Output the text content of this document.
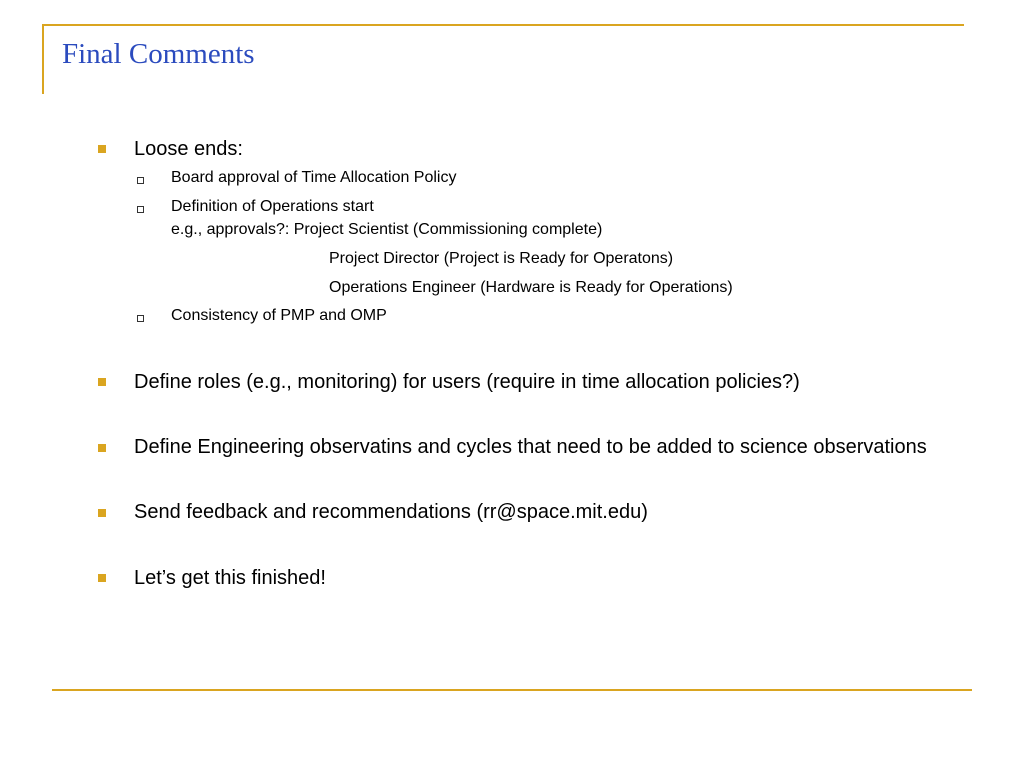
Final Comments
Loose ends:
Board approval of Time Allocation Policy
Definition of Operations start
e.g., approvals?: Project Scientist (Commissioning complete)
Project Director (Project is Ready for Operatons)
Operations Engineer (Hardware is Ready for Operations)
Consistency of PMP and OMP
Define roles (e.g., monitoring) for users (require in time allocation policies?)
Define Engineering observatins and cycles that need to be added to science observations
Send feedback and recommendations (rr@space.mit.edu)
Let’s get this finished!
